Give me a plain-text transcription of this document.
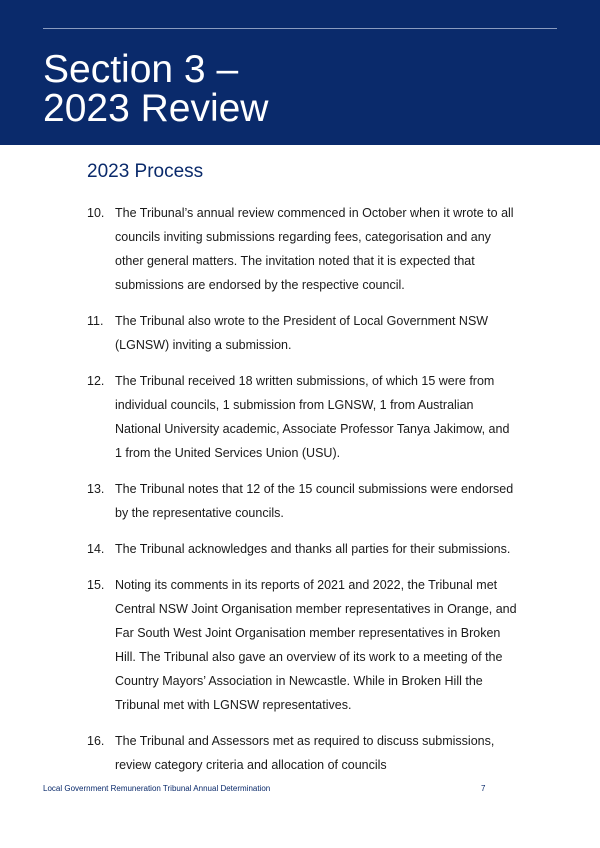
Section 3 –
2023 Review
2023 Process
10. The Tribunal’s annual review commenced in October when it wrote to all councils inviting submissions regarding fees, categorisation and any other general matters. The invitation noted that it is expected that submissions are endorsed by the respective council.
11. The Tribunal also wrote to the President of Local Government NSW (LGNSW) inviting a submission.
12. The Tribunal received 18 written submissions, of which 15 were from individual councils, 1 submission from LGNSW, 1 from Australian National University academic, Associate Professor Tanya Jakimow, and 1 from the United Services Union (USU).
13. The Tribunal notes that 12 of the 15 council submissions were endorsed by the representative councils.
14. The Tribunal acknowledges and thanks all parties for their submissions.
15. Noting its comments in its reports of 2021 and 2022, the Tribunal met Central NSW Joint Organisation member representatives in Orange, and Far South West Joint Organisation member representatives in Broken Hill. The Tribunal also gave an overview of its work to a meeting of the Country Mayors’ Association in Newcastle. While in Broken Hill the Tribunal met with LGNSW representatives.
16. The Tribunal and Assessors met as required to discuss submissions, review category criteria and allocation of councils
Local Government Remuneration Tribunal Annual Determination	7
